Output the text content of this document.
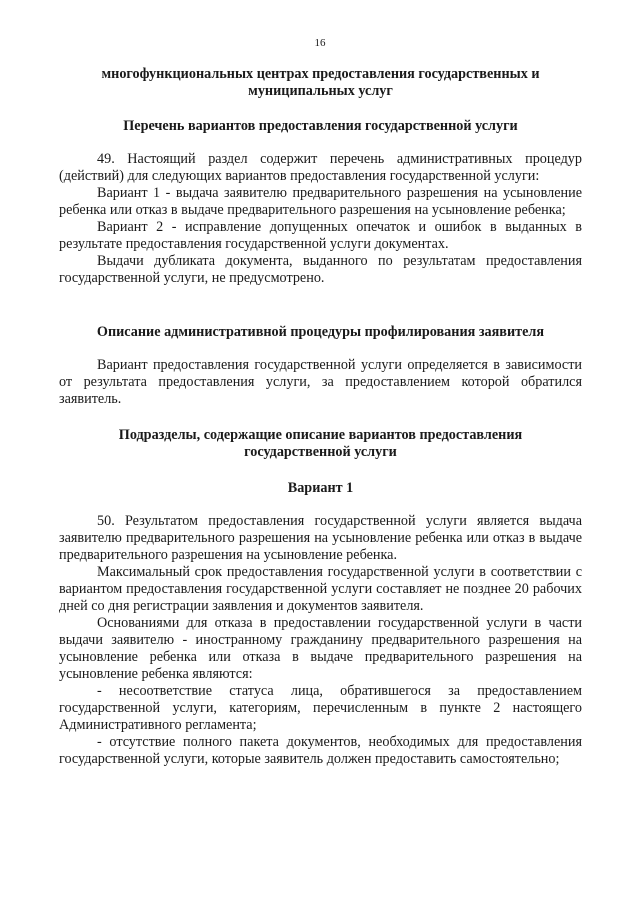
16
многофункциональных центрах предоставления государственных и
муниципальных услуг
Перечень вариантов предоставления государственной услуги

49. Настоящий раздел содержит перечень административных процедур (действий) для следующих вариантов предоставления государственной услуги:

Вариант 1 - выдача заявителю предварительного разрешения на усыновление ребенка или отказ в выдаче предварительного разрешения на усыновление ребенка;

Вариант 2 - исправление допущенных опечаток и ошибок в выданных в результате предоставления государственной услуги документах.

Выдачи дубликата документа, выданного по результатам предоставления государственной услуги, не предусмотрено.

Описание административной процедуры профилирования заявителя

Вариант предоставления государственной услуги определяется в зависимости от результата предоставления услуги, за предоставлением которой обратился заявитель.

Подразделы, содержащие описание вариантов предоставления
государственной услуги
Вариант 1

50. Результатом предоставления государственной услуги является выдача заявителю предварительного разрешения на усыновление ребенка или отказ в выдаче предварительного разрешения на усыновление ребенка.

Максимальный срок предоставления государственной услуги в соответствии с вариантом предоставления государственной услуги составляет не позднее 20 рабочих дней со дня регистрации заявления и документов заявителя.

Основаниями для отказа в предоставлении государственной услуги в части выдачи заявителю - иностранному гражданину предварительного разрешения на усыновление ребенка или отказа в выдаче предварительного разрешения на усыновление ребенка являются:

- несоответствие статуса лица, обратившегося за предоставлением государственной услуги, категориям, перечисленным в пункте 2 настоящего Административного регламента;

- отсутствие полного пакета документов, необходимых для предоставления государственной услуги, которые заявитель должен предоставить самостоятельно;
